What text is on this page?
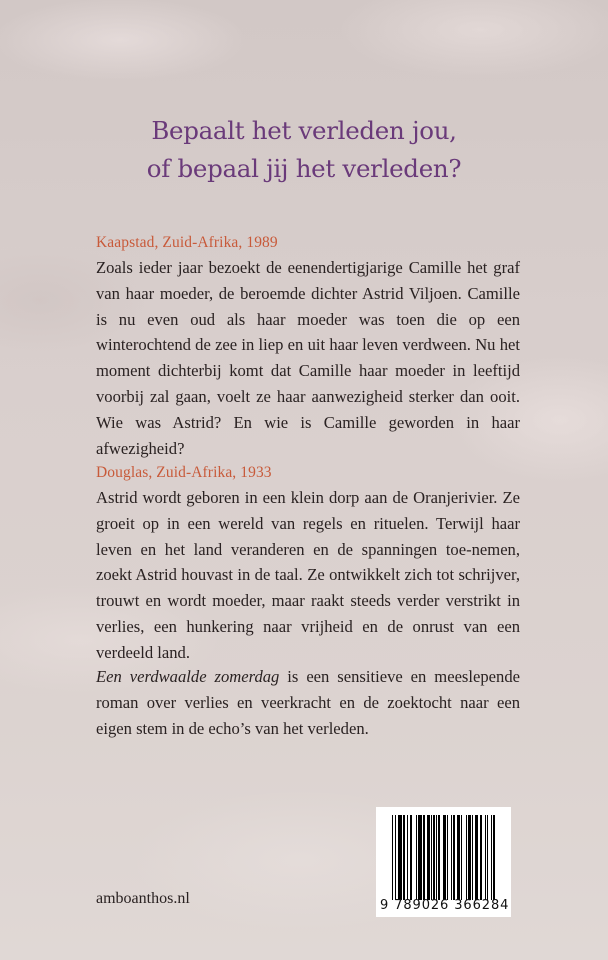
Bepaalt het verleden jou,
of bepaal jij het verleden?
Kaapstad, Zuid-Afrika, 1989
Zoals ieder jaar bezoekt de eenendertigjarige Camille het graf van haar moeder, de beroemde dichter Astrid Viljoen. Camille is nu even oud als haar moeder was toen die op een winterochtend de zee in liep en uit haar leven verdween. Nu het moment dichterbij komt dat Camille haar moeder in leeftijd voorbij zal gaan, voelt ze haar aanwezigheid sterker dan ooit. Wie was Astrid? En wie is Camille geworden in haar afwezigheid?
Douglas, Zuid-Afrika, 1933
Astrid wordt geboren in een klein dorp aan de Oranjerivier. Ze groeit op in een wereld van regels en rituelen. Terwijl haar leven en het land veranderen en de spanningen toe-nemen, zoekt Astrid houvast in de taal. Ze ontwikkelt zich tot schrijver, trouwt en wordt moeder, maar raakt steeds verder verstrikt in verlies, een hunkering naar vrijheid en de onrust van een verdeeld land.
Een verdwaalde zomerdag is een sensitieve en meeslepende roman over verlies en veerkracht en de zoektocht naar een eigen stem in de echo’s van het verleden.
9 789026 366284
amboanthos.nl
